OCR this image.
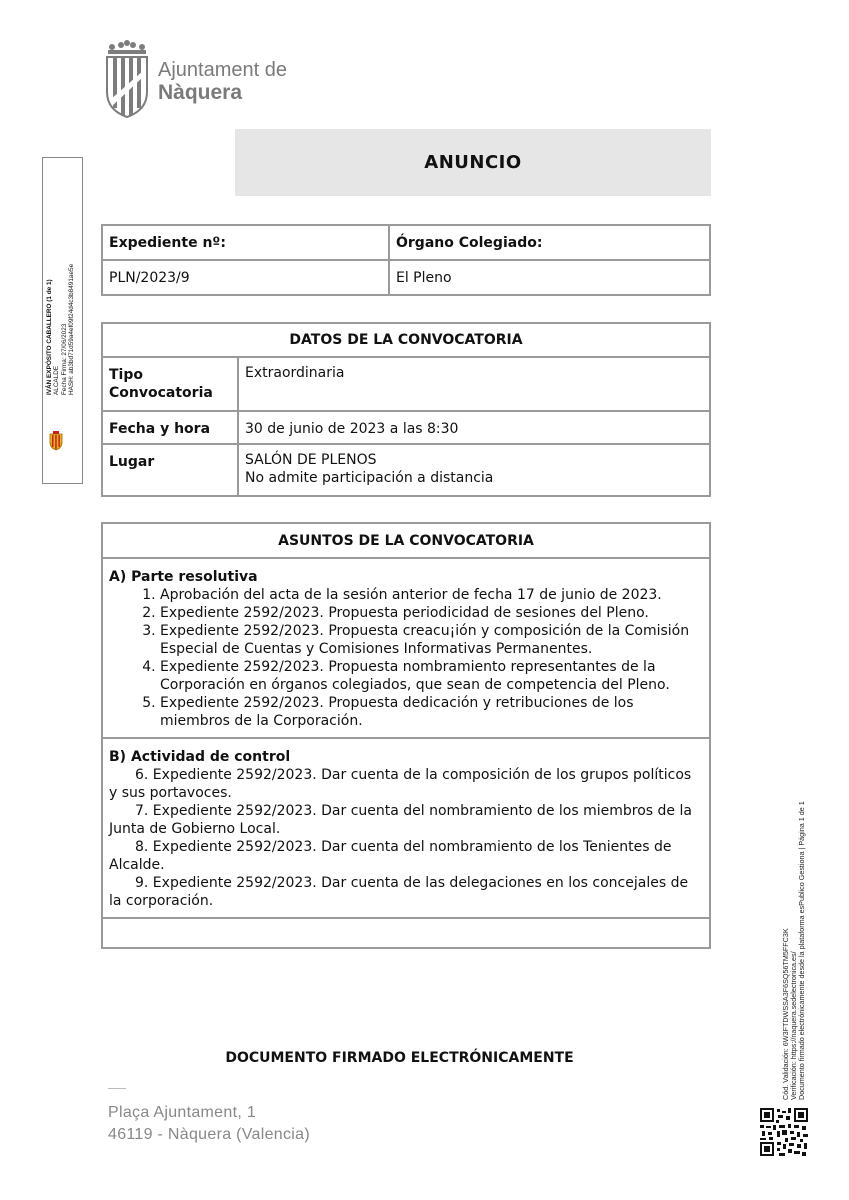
Ajuntament de
Nàquera
IVÁN EXPÓSITO CABALLERO (1 de 1) ALCALDE Fecha Firma: 27/06/2023 HASH: ab3bd71d59a4ef09f24d4c3b8491ae5e
ANUNCIO
Expediente nº:	Órgano Colegiado:
PLN/2023/9	El Pleno
DATOS DE LA CONVOCATORIA	

Tipo
Convocatoria	Extraordinaria
Fecha y hora	30 de junio de 2023 a las 8:30
Lugar	SALÓN DE PLENOS
No admite participación a distancia
ASUNTOS DE LA CONVOCATORIA

A) Parte resolutiva
1. Aprobación del acta de la sesión anterior de fecha 17 de junio de 2023.
2. Expediente 2592/2023. Propuesta periodicidad de sesiones del Pleno.
3. Expediente 2592/2023. Propuesta creacu¡ión y composición de la Comisión Especial de Cuentas y Comisiones Informativas Permanentes.
4. Expediente 2592/2023. Propuesta nombramiento representantes de la Corporación en órganos colegiados, que sean de competencia del Pleno.
5. Expediente 2592/2023. Propuesta dedicación y retribuciones de los miembros de la Corporación.

B) Actividad de control
6. Expediente 2592/2023. Dar cuenta de la composición de los grupos políticos y sus portavoces.
7. Expediente 2592/2023. Dar cuenta del nombramiento de los miembros de la Junta de Gobierno Local.
8. Expediente 2592/2023. Dar cuenta del nombramiento de los Tenientes de Alcalde.
9. Expediente 2592/2023. Dar cuenta de las delegaciones en los concejales de la corporación.

DOCUMENTO FIRMADO ELECTRÓNICAMENTE
Plaça Ajuntament, 1
46119 - Nàquera (Valencia)
Cód. Validación: 6W3FTDWSSA3F6SQ56TM5FFC3K Verificación: https://naquera.sedelectronica.es/ Documento firmado electrónicamente desde la plataforma esPublico Gestiona | Página 1 de 1
